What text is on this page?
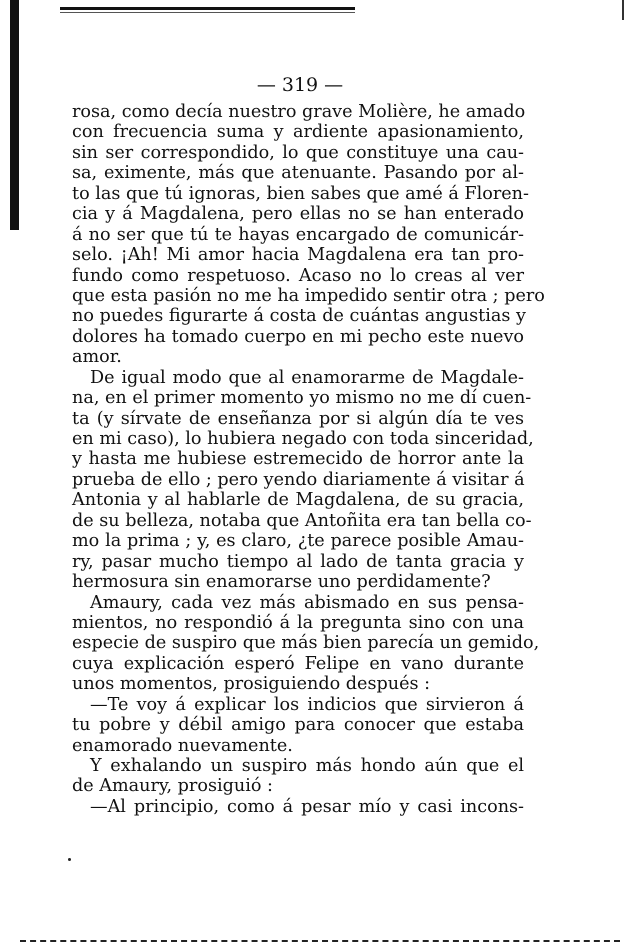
— 319 —
rosa, como decía nuestro grave Molière, he amado
con frecuencia suma y ardiente apasionamiento,
sin ser correspondido, lo que constituye una cau-
sa, eximente, más que atenuante. Pasando por al-
to las que tú ignoras, bien sabes que amé á Floren-
cia y á Magdalena, pero ellas no se han enterado
á no ser que tú te hayas encargado de comunicár-
selo. ¡Ah! Mi amor hacia Magdalena era tan pro-
fundo como respetuoso. Acaso no lo creas al ver
que esta pasión no me ha impedido sentir otra ; pero
no puedes figurarte á costa de cuántas angustias y
dolores ha tomado cuerpo en mi pecho este nuevo
amor.
De igual modo que al enamorarme de Magdale-
na, en el primer momento yo mismo no me dí cuen-
ta (y sírvate de enseñanza por si algún día te ves
en mi caso), lo hubiera negado con toda sinceridad,
y hasta me hubiese estremecido de horror ante la
prueba de ello ; pero yendo diariamente á visitar á
Antonia y al hablarle de Magdalena, de su gracia,
de su belleza, notaba que Antoñita era tan bella co-
mo la prima ; y, es claro, ¿te parece posible Amau-
ry, pasar mucho tiempo al lado de tanta gracia y
hermosura sin enamorarse uno perdidamente?
Amaury, cada vez más abismado en sus pensa-
mientos, no respondió á la pregunta sino con una
especie de suspiro que más bien parecía un gemido,
cuya explicación esperó Felipe en vano durante
unos momentos, prosiguiendo después :
—Te voy á explicar los indicios que sirvieron á
tu pobre y débil amigo para conocer que estaba
enamorado nuevamente.
Y exhalando un suspiro más hondo aún que el
de Amaury, prosiguió :
—Al principio, como á pesar mío y casi incons-
